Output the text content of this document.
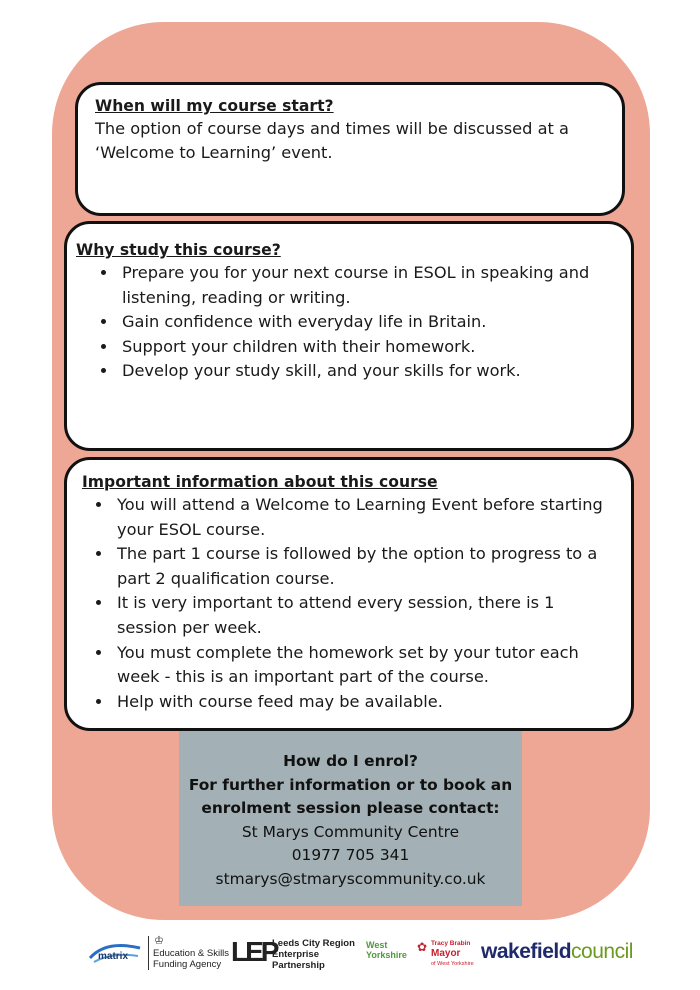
When will my course start?

The option of course days and times will be discussed at a ‘Welcome to Learning’ event.

Why study this course?

• Prepare you for your next course in ESOL in speaking and listening, reading or writing.
• Gain confidence with everyday life in Britain.
• Support your children with their homework.
• Develop your study skill, and your skills for work.

Important information about this course

• You will attend a Welcome to Learning Event before starting your ESOL course.
• The part 1 course is followed by the option to progress to a part 2 qualification course.
• It is very important to attend every session, there is 1 session per week.
• You must complete the homework set by your tutor each week - this is an important part of the course.
• Help with course feed may be available.
How do I enrol?
For further information or to book an
enrolment session please contact:
St Marys Community Centre
01977 705 341
stmarys@stmaryscommunity.co.uk
matrix
♔
Education & Skills
Funding Agency LEP
Leeds City Region
Enterprise
Partnership
West
Yorkshire
✿ Tracy Brabin
Mayor
of West Yorkshire
wakefieldcouncil
